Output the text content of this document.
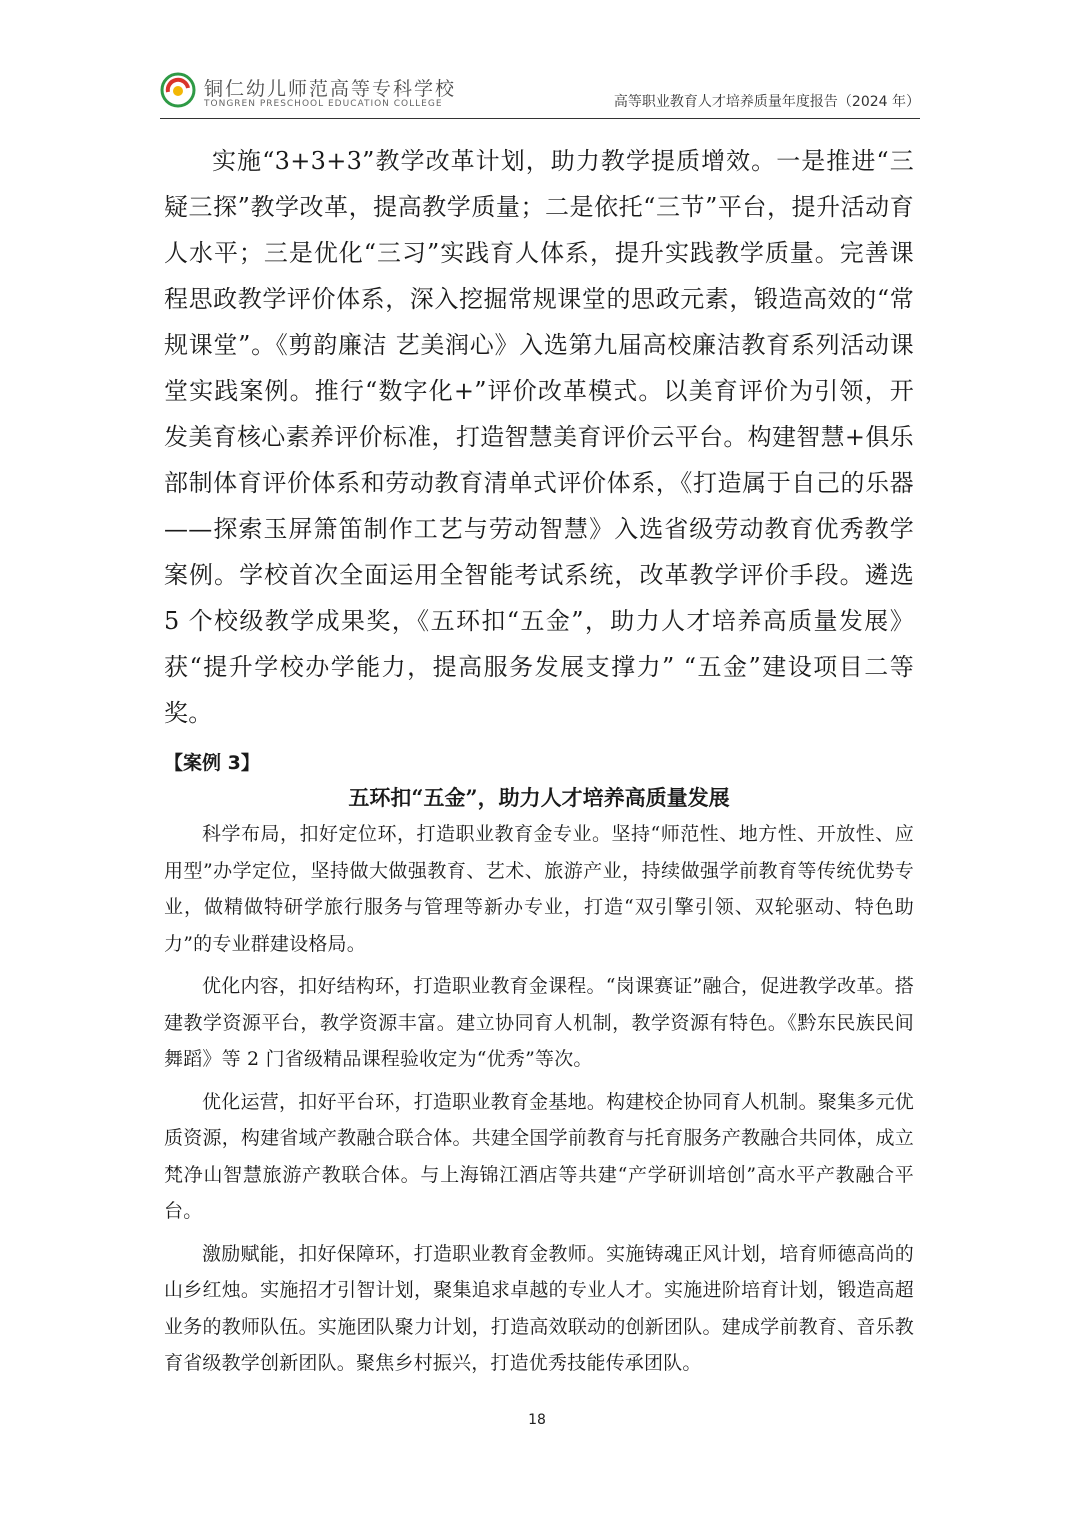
铜仁幼儿师范高等专科学校
TONGREN PRESCHOOL EDUCATION COLLEGE	高等职业教育人才培养质量年度报告（2024 年）

实施“3+3+3”教学改革计划，助力教学提质增效。一是推进“三疑三探”教学改革，提高教学质量；二是依托“三节”平台，提升活动育人水平；三是优化“三习”实践育人体系，提升实践教学质量。完善课程思政教学评价体系，深入挖掘常规课堂的思政元素，锻造高效的“常规课堂”。《剪韵廉洁 艺美润心》入选第九届高校廉洁教育系列活动课堂实践案例。推行“数字化+”评价改革模式。以美育评价为引领，开发美育核心素养评价标准，打造智慧美育评价云平台。构建智慧+俱乐部制体育评价体系和劳动教育清单式评价体系，《打造属于自己的乐器——探索玉屏箫笛制作工艺与劳动智慧》入选省级劳动教育优秀教学案例。学校首次全面运用全智能考试系统，改革教学评价手段。遴选 5 个校级教学成果奖，《五环扣“五金”，助力人才培养高质量发展》获“提升学校办学能力，提高服务发展支撑力” “五金”建设项目二等奖。

【案例 3】
五环扣“五金”，助力人才培养高质量发展

科学布局，扣好定位环，打造职业教育金专业。坚持“师范性、地方性、开放性、应用型”办学定位，坚持做大做强教育、艺术、旅游产业，持续做强学前教育等传统优势专业，做精做特研学旅行服务与管理等新办专业，打造“双引擎引领、双轮驱动、特色助力”的专业群建设格局。

优化内容，扣好结构环，打造职业教育金课程。“岗课赛证”融合，促进教学改革。搭建教学资源平台，教学资源丰富。建立协同育人机制，教学资源有特色。《黔东民族民间舞蹈》等 2 门省级精品课程验收定为“优秀”等次。

优化运营，扣好平台环，打造职业教育金基地。构建校企协同育人机制。聚集多元优质资源，构建省域产教融合联合体。共建全国学前教育与托育服务产教融合共同体，成立梵净山智慧旅游产教联合体。与上海锦江酒店等共建“产学研训培创”高水平产教融合平台。

激励赋能，扣好保障环，打造职业教育金教师。实施铸魂正风计划，培育师德高尚的山乡红烛。实施招才引智计划，聚集追求卓越的专业人才。实施进阶培育计划，锻造高超业务的教师队伍。实施团队聚力计划，打造高效联动的创新团队。建成学前教育、音乐教育省级教学创新团队。聚焦乡村振兴，打造优秀技能传承团队。

18
